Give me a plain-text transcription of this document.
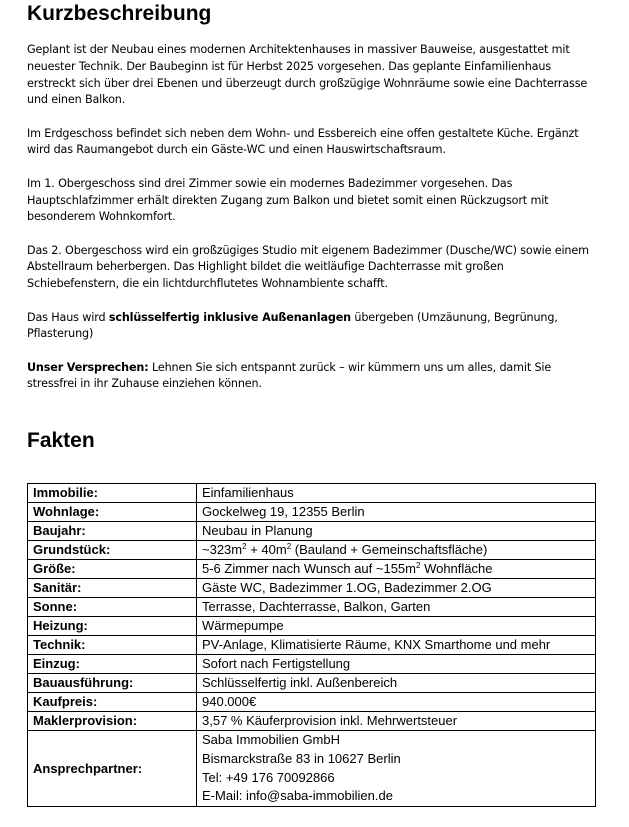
Kurzbeschreibung

Geplant ist der Neubau eines modernen Architektenhauses in massiver Bauweise, ausgestattet mit neuester Technik. Der Baubeginn ist für Herbst 2025 vorgesehen. Das geplante Einfamilienhaus erstreckt sich über drei Ebenen und überzeugt durch großzügige Wohnräume sowie eine Dachterrasse und einen Balkon.

Im Erdgeschoss befindet sich neben dem Wohn- und Essbereich eine offen gestaltete Küche. Ergänzt wird das Raumangebot durch ein Gäste-WC und einen Hauswirtschaftsraum.

Im 1. Obergeschoss sind drei Zimmer sowie ein modernes Badezimmer vorgesehen. Das Hauptschlafzimmer erhält direkten Zugang zum Balkon und bietet somit einen Rückzugsort mit besonderem Wohnkomfort.

Das 2. Obergeschoss wird ein großzügiges Studio mit eigenem Badezimmer (Dusche/WC) sowie einem Abstellraum beherbergen. Das Highlight bildet die weitläufige Dachterrasse mit großen Schiebefenstern, die ein lichtdurchflutetes Wohnambiente schafft.

Das Haus wird schlüsselfertig inklusive Außenanlagen übergeben (Umzäunung, Begrünung, Pflasterung)

Unser Versprechen: Lehnen Sie sich entspannt zurück – wir kümmern uns um alles, damit Sie stressfrei in ihr Zuhause einziehen können.

Fakten
Immobilie:	Einfamilienhaus
Wohnlage:	Gockelweg 19, 12355 Berlin
Baujahr:	Neubau in Planung
Grundstück:	$\sim 323m^2 + 40m^2$ (Bauland + Gemeinschaftsfläche)
Größe:	5-6 Zimmer nach Wunsch auf $\sim 155m^2$ Wohnfläche
Sanitär:	Gäste WC, Badezimmer 1.OG, Badezimmer 2.OG
Sonne:	Terrasse, Dachterrasse, Balkon, Garten
Heizung:	Wärmepumpe
Technik:	PV-Anlage, Klimatisierte Räume, KNX Smarthome und mehr
Einzug:	Sofort nach Fertigstellung
Bauausführung:	Schlüsselfertig inkl. Außenbereich
Kaufpreis:	940.000€
Maklerprovision:	3,57 % Käuferprovision inkl. Mehrwertsteuer
Ansprechpartner:	Saba Immobilien GmbH
Bismarckstraße 83 in 10627 Berlin
Tel: +49 176 70092866
E-Mail: info@saba-immobilien.de
